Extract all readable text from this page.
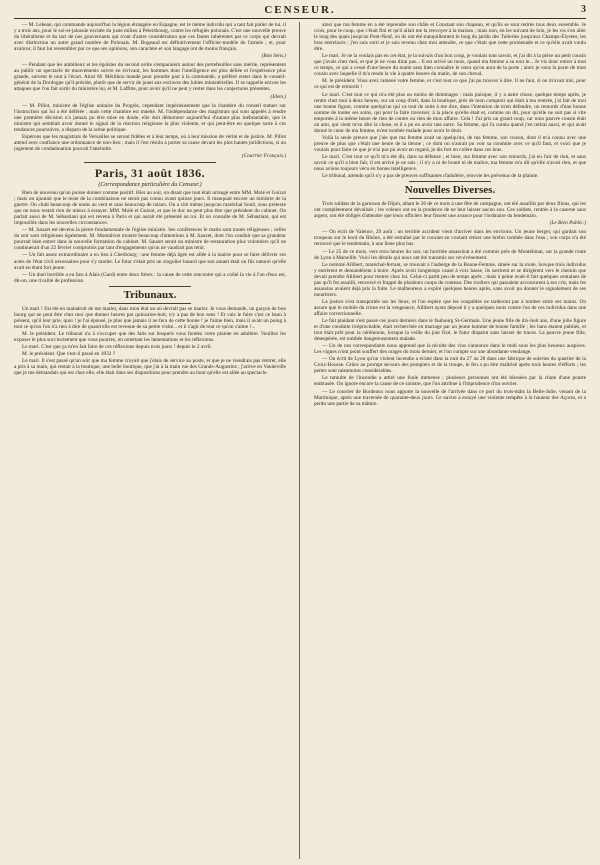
CENSEUR.	3

— M. Lebeau, qui commande aujourd'hui la légion étrangère en Espagne, est le même individu qui a tant fait parler de lui, il y a trois ans, pour le soi-et-jalousie excitée du juste milieu à Pétersbourg, contre les réfugiés polonais. C'est une nouvelle preuve du libéralisme et du tact de nos gouvernants qui n'ont d'autre considération que ces fautes inhérentes par ce corps qui devrait avec distinction un autre grand nombre de Polonais. M. Bugeaud est définitivement l'officier-modèle de l'armée ; et, pour avancer, il faut lui ressembler par ce que ses opinions, son caractère et son langage ont de moins français.

(Bon Sens.)

— Pendant que les ambitieux et les égoïstes du second ordre s'emparaient autour des portefeuilles sans mérite, représentent au public un spectacle de mouvements suivre en écrivant, les hommes dont l'intelligence est plus déliée et l'expérience plus grande, suivent le tout à l'écart. Ainsi M. Mérilhou mandé pour prendre part à la commande, a préféré rester dans le conseil-général de la Dordogne qu'il préside, plutôt que de servir de jouet aux esclaves des lubies ministérielles. Il se rappelle encore les attaques que l'on fait sortir du ministère lui, et M. Laffitte, pour avoir qu'il ne peut y rester dans les conjectures présentes.

(Idem.)

— M. Pillot, ministre de l'église unitaire du Progrès, cependant impérieusement que la chambre du conseil statuer sur l'instruction qui lui a été déférée ; mais cette chambre est muette. M. l'indépendance des magistrats qui sont appelés à rendre une première décision n'a jamais pu être mise en doute, elle doit démontrer aujourd'hui d'autant plus inébranlable, que le ministre qui semblait avoir donné le signal de la réaction religieuse la plus violente, et qui peut-être en quelque sorte à ces tendances poursuivre, a disparu de la scène politique.

Espérons que les magistrats de Versailles se seront fidèles et à leur temps, où à leur mission de vérité et de justice. M. Pillot attend avec confiance une ordonnance de non-lieu ; mais il l'est résolu à porter sa cause devant les plus hautes juridictions, si un jugement de condamnation pouvait l'atteindre.

(Courrier Français.)
Paris, 31 août 1836.
(Correspondance particulière du Censeur.)

Rien de nouveau qu'on puisse donner comme positif. Hier au soir, on disait que tout était arrangé entre MM. Molé et Guizot ; mais on ajoutait que le reste de la combinaison ne serait pas connu avant quinze jours. Il manquait encore un ministre de la guerre. On citait beaucoup de noms au vent et sans beaucoup de raison. On a cité même jusqu'au maréchal Soult, sous prétexte que ne nous restait rien de mieux à essayer. MM. Molé et Guizot, et que le duc ne peut plus être que président du cabinet. On parlait aussi de M. Sébastiani qui est revenu à Paris et qui aurait été présenté au roi. Et on consulte de M. Sébastiani, qui est impossible dans les nouvelles circonstances.

— M. Sauzet est devenu la pierre fondamentale de l'église ministre. Ses conférences le matin sont toutes réligieuses ; celles du soir sont religieuses également. M. Montalivet montre beaucoup d'attentions à M. Sauzet, dont l'on conduit que sa grandeur pourrait bien entrer dans la nouvelle formation du cabinet. M. Sauzet serait un ministre de restauration plus volontiers qu'il ne continuerait d'un 22 février compromis par tant d'engagements qu'on ne vaudrait pas tenir.

— Un fait assez extraordinaire a eu lieu à Cherbourg : une femme déjà âgée est allée à la mairie pour se faire délivrer ses actes de l'état civil nécessaires pour s'y marier. Le futur s'était pris un singulier hasard que son amant était un fils naturel qu'elle avait eu étant fort jeune.

— Un duel horrible a eu lieu à Alais (Gard) entre deux frères : la cause de cette rencontre qui a coûté la vie à l'un d'eux est, dit-on, une rivalité de profession.

Tribunaux.

Un mari ! Fai été en maladroit de me marier, dans mon état un où devrait pas se marier. Je vous demande, un garçon de bon bourg qui ne peut être chez moi que donner heures par quinzaine-huit, n'y a pas de bon sens ! Et vais le faire c'est ce beau à présent, qu'il leur prie, quoi ! je l'ai épousé, je plus que jamais il ne fera de cette bonne ! je l'aime bien, mais il avait un poing à tout ce qu'on l'on n'a rien à dire de quand elle est revenue de sa petite visite... et il s'agit de tout ce qu'on s'aime !...

M. le président. Le tribunal n'a à s'occuper que des faits sur lesquels vous fondez votre plainte en adultère. Veuillez les exposer le plus succinctement que vous pourrez, en omettant les lamentations et les réflexions.

Le mari. C'est que ça m'en fait faire de ces réflexions depuis trois jours ! depuis le 2 avril.

M. le président. Que s'est-il passé en 1832 ?

Le mari. Il s'est passé qu'un soir que ma femme croyait que j'étais de service au poste, et que je ne viendrais pas rentrer, elle a pris à sa main, qui restait à la boutique, une belle boutique, que j'ai à la main rue des Grands-Augustins ; j'arrive en Vaudeville que je me demandais qui est chez elle, elle était dans ses dispositions pour prendre au bout qu'elle est allée au spectacle.

ainsi que ma femme en a été reprendre son châle et Constant son chapeau, et qu'ils se sont retirés tous deux ensemble. Je crois, pour le coup, que c'était fini et qu'il allait me la renvoyer à la maison ; mais non, en les suivant de loin, je les vis s'en aller le long des quais jusqu'au Pont-Neuf, où ils ont été tranquillement le long du jardin des Tuileries jusqu'aux Champs-Élysées, les bras entrelacés ; j'en suis sorti et je suis revenu chez moi attendre, ce que c'était que cette promenade et ce qu'elle avait voulu dire.

Le mari. Je ne la voulais pas en cet état, je la suivais d'un bon coup, je voulais tout savoir, et j'ai dit à la pièce un petit cousin que j'avais chez moi, et que je ne vous dirai pas... Il est arrivé un mois, quand ma femme a su tout le... Je vis donc entrer à tout ce temps, ce qui a cessé d'une heure du matin sans bien connaître le cœur qu'on aura de la porte ; alors je vous la porte de mon cousin avec laquelle il m'a rendu la vie à quatre heures du matin, de son cheval.

M. le président. Vous avez ramené votre femme, et c'est tout ce que j'ai pu trouver à dire. Il ne faut, si on m'avait mis, pour ce qui est de remords !

Le mari. C'est tout ce qui m'a été plus ou moins de dommages ; mais puisque, il y a autre chose, quelque temps après, je rentre chez moi à deux heures, sur un coup d'œil, dans la boutique, près de mon comptoir qui était à ma rentrée, j'ai fait de moi une bonne figure, comme quelqu'un qui va tout de suite à me dire, dans l'intention de m'en défendre, un remords d'une bonne somme de toutes ses soins, qui pour la faire traverser, à la place qu'elle était et, comme on dit, pour qu'elle ne soit pas si vite emportée à la même heure de rien de contre ou rien de mon affaire. Cela ! J'ai pris un grand coup, car mon pauvre cousin était un ami, qui vient m'en dire la chose, et il a pu en avoir une autre. Sa femme, qui l'a connu quand j'en retirai aussi, et qui avait donné le cœur de ma femme, m'est tombée malade pour avoir le droit.

Voilà la seule preuve que j'aie que ma femme avait un quelqu'un, de ma femme, son cousin, dont il m'a connu avec une preuve de plus que c'était une heure de la tienne ; ce dont on n'aurait pu voir sa conduite avec ce qu'il faut, et voici que je voulais pour faire ce que je n'ai pas pu avoir en regard, je dis fort en colère dans ces bras.

Le mari. C'est tout ce qu'il m'a été dit, dans sa défense ; et bien, ma femme avec son remords, j'ai eu l'air de rien, et sans savoir ce qu'il a bien fait, il est arrivé je ne sais ; il n'y a ni de bonté ni de malice, ma femme m'a dit qu'elle n'avait rien, et que nous avions toujours vécu en bonne intelligence.

Le tribunal, attendu qu'il n'y a pas de preuves suffisantes d'adultère, renvoie les prévenus de la plainte.

Nouvelles Diverses.

Trois soldats de la garnison de Dijon, allant le 26 de ce mois à une fête de campagne, ont été assaillis par deux filous, qui les ont complètement dévalisés ; les voleurs ont eu la prudence de ne leur laisser aucun sou. Ces soldats, rentrés à la caserne sans argent, ont été obligés d'attendre que leurs officiers leur fissent une avance pour l'ordinaire du lendemain.

(Le Bien Public.)

— On écrit de Valence, 29 août : un terrible accident vient d'arriver dans les environs. Un jeune berger, qui gardait son troupeau sur le bord du Rhône, a été entraîné par le courant en voulant retirer une brebis tombée dans l'eau ; son corps n'a été retrouvé que le lendemain, à une lieue plus bas.

— Le 25 de ce mois, vers trois heures du soir, un horrible assassinat a été commis près de Montélimar, sur la grande route de Lyon à Marseille. Voici les détails qui nous ont été transmis sur cet événement.

Le nommé Allibert, maréchal-ferrant, se trouvait à l'auberge de la Bonne-Femme, située sur la route, lorsque trois individus y entrèrent et demandèrent à boire. Après avoir longtemps causé à voix basse, ils sortirent et se dirigèrent vers le chemin que devait prendre Allibert pour rentrer chez lui. Celui-ci partit peu de temps après ; mais à peine avait-il fait quelques centaines de pas qu'il fut assailli, renversé et frappé de plusieurs coups de couteau. Des rouliers qui passaient accoururent à ses cris, mais les assassins avaient déjà pris la fuite. Le malheureux a expiré quelques heures après, sans avoir pu donner le signalement de ses meurtriers.

La justice s'est transportée sur les lieux, et l'on espère que les coupables ne tarderont pas à tomber entre ses mains. On assure que le mobile du crime est la vengeance, Allibert ayant déposé il y a quelques mois contre l'un de ces individus dans une affaire correctionnelle.

Le fait plaidant s'est passé ces jours derniers dans le faubourg St-Germain. Une jeune fille de dix-huit ans, d'une jolie figure et d'une conduite irréprochable, était recherchée en mariage par un jeune homme de bonne famille ; les bans étaient publiés, et tout était prêt pour la cérémonie, lorsque la veille du jour fixé, le futur disparut sans laisser de traces. La pauvre jeune fille, désespérée, est tombée dangereusement malade.

— Un de nos correspondants nous apprend que la récolte des vins s'annonce dans le midi sous les plus heureux auspices. Les vignes n'ont point souffert des orages du mois dernier, et l'on compte sur une abondante vendange.

— On écrit de Lyon qu'un violent incendie a éclaté dans la nuit du 27 au 28 dans une fabrique de soieries du quartier de la Croix-Rousse. Grâce au prompt secours des pompiers et de la troupe, le feu a pu être maîtrisé après trois heures d'efforts ; les pertes sont néanmoins considérables.

Le tumulte de l'incendie a attiré une foule immense ; plusieurs personnes ont été blessées par la chute d'une poutre embrasée. On ignore encore la cause de ce sinistre, que l'on attribue à l'imprudence d'un ouvrier.

— Le courrier de Bordeaux nous apporte la nouvelle de l'arrivée dans ce port du trois-mâts la Belle-Julie, venant de la Martinique, après une traversée de quarante-deux jours. Ce navire a essuyé une violente tempête à la hauteur des Açores, et a perdu une partie de sa mâture.
